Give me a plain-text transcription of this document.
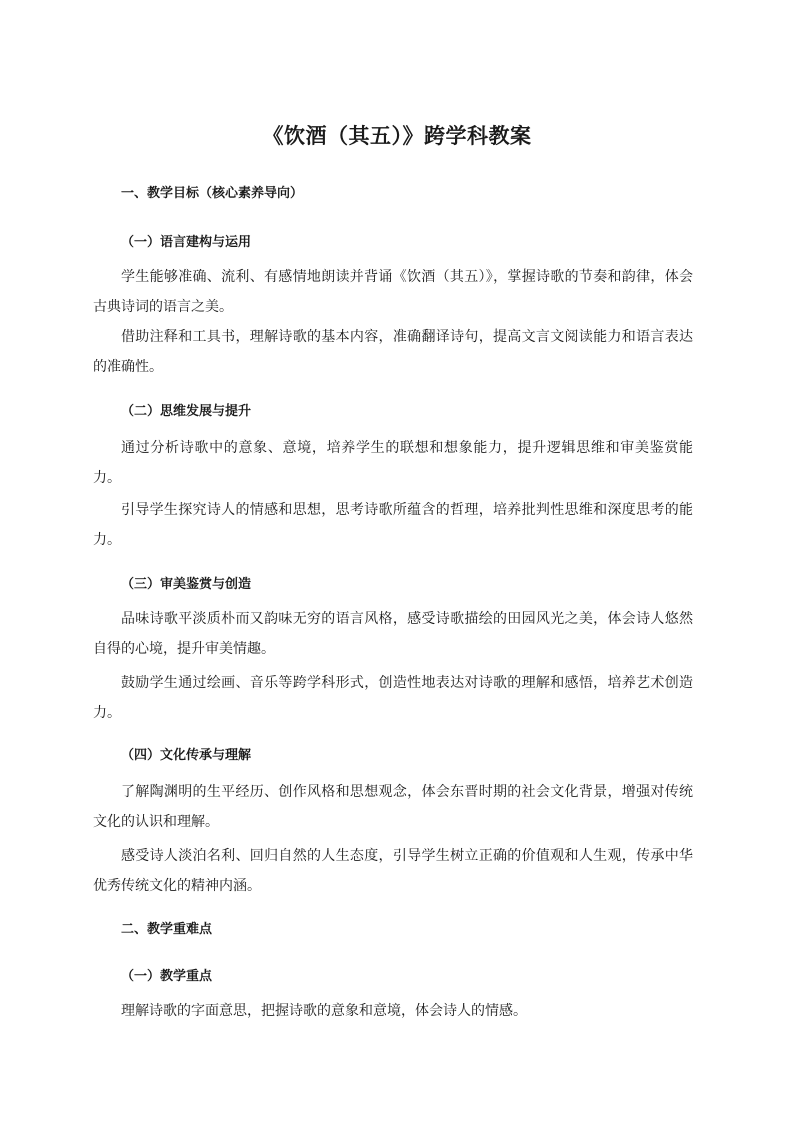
《饮酒（其五）》跨学科教案
一、教学目标（核心素养导向）
（一）语言建构与运用
学生能够准确、流利、有感情地朗读并背诵《饮酒（其五）》，掌握诗歌的节奏和韵律，体会古典诗词的语言之美。
借助注释和工具书，理解诗歌的基本内容，准确翻译诗句，提高文言文阅读能力和语言表达的准确性。
（二）思维发展与提升
通过分析诗歌中的意象、意境，培养学生的联想和想象能力，提升逻辑思维和审美鉴赏能力。
引导学生探究诗人的情感和思想，思考诗歌所蕴含的哲理，培养批判性思维和深度思考的能力。
（三）审美鉴赏与创造
品味诗歌平淡质朴而又韵味无穷的语言风格，感受诗歌描绘的田园风光之美，体会诗人悠然自得的心境，提升审美情趣。
鼓励学生通过绘画、音乐等跨学科形式，创造性地表达对诗歌的理解和感悟，培养艺术创造力。
（四）文化传承与理解
了解陶渊明的生平经历、创作风格和思想观念，体会东晋时期的社会文化背景，增强对传统文化的认识和理解。
感受诗人淡泊名利、回归自然的人生态度，引导学生树立正确的价值观和人生观，传承中华优秀传统文化的精神内涵。
二、教学重难点
（一）教学重点
理解诗歌的字面意思，把握诗歌的意象和意境，体会诗人的情感。
